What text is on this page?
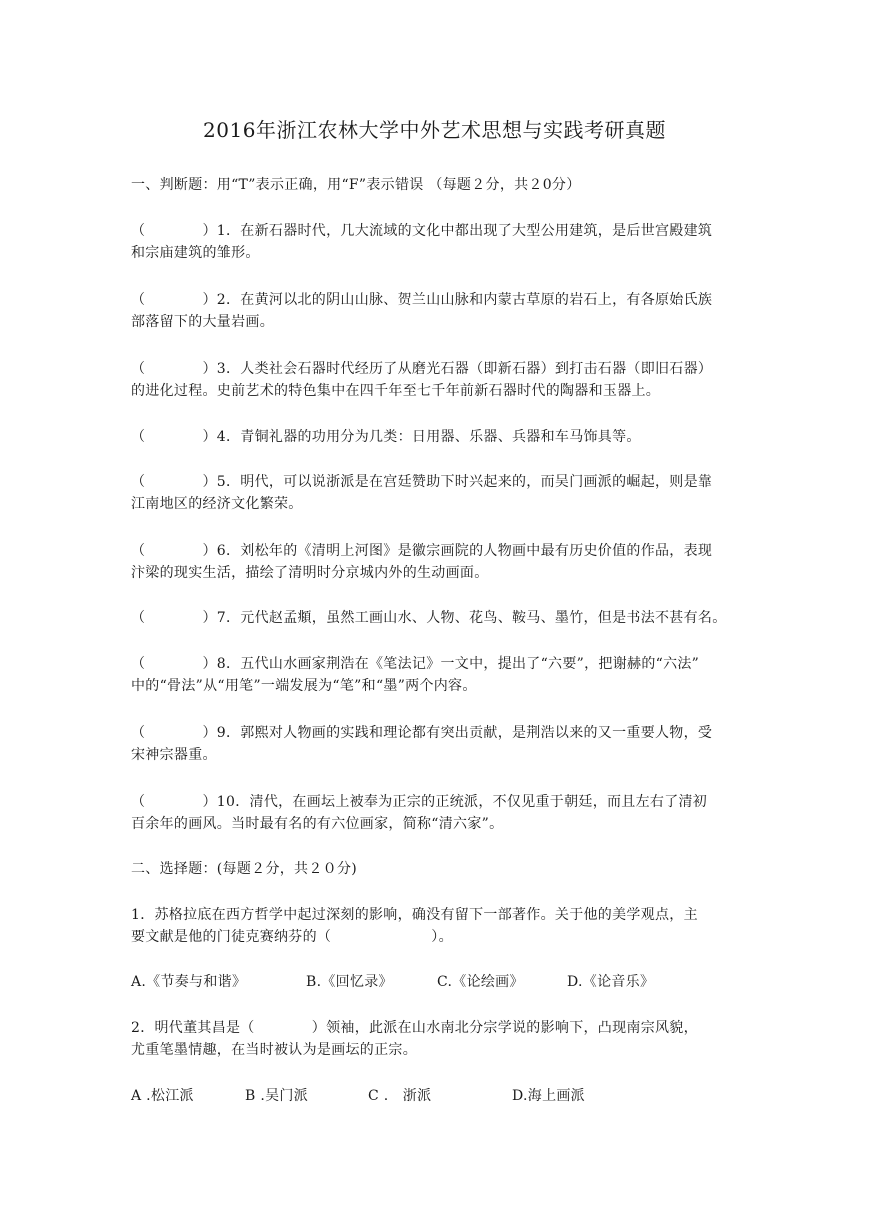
2016年浙江农林大学中外艺术思想与实践考研真题
一、判断题：用“T”表示正确，用“F”表示错误 （每题２分，共２0分）
（　　　　）1．在新石器时代，几大流域的文化中都出现了大型公用建筑，是后世宫殿建筑
和宗庙建筑的雏形。
（　　　　）2．在黄河以北的阴山山脉、贺兰山山脉和内蒙古草原的岩石上，有各原始氏族
部落留下的大量岩画。
（　　　　）3．人类社会石器时代经历了从磨光石器（即新石器）到打击石器（即旧石器）
的进化过程。史前艺术的特色集中在四千年至七千年前新石器时代的陶器和玉器上。
（　　　　）4．青铜礼器的功用分为几类：日用器、乐器、兵器和车马饰具等。
（　　　　）5．明代，可以说浙派是在宫廷赞助下时兴起来的，而吴门画派的崛起，则是靠
江南地区的经济文化繁荣。
（　　　　）6．刘松年的《清明上河图》是徽宗画院的人物画中最有历史价值的作品，表现
汴梁的现实生活，描绘了清明时分京城内外的生动画面。
（　　　　）7．元代赵孟頫，虽然工画山水、人物、花鸟、鞍马、墨竹，但是书法不甚有名。
（　　　　）8．五代山水画家荆浩在《笔法记》一文中，提出了“六要”，把谢赫的“六法”
中的“骨法”从“用笔”一端发展为“笔”和“墨”两个内容。
（　　　　）9．郭熙对人物画的实践和理论都有突出贡献，是荆浩以来的又一重要人物，受
宋神宗器重。
（　　　　）10．清代，在画坛上被奉为正宗的正统派，不仅见重于朝廷，而且左右了清初
百余年的画风。当时最有名的有六位画家，简称“清六家”。
二、选择题：(每题２分，共２０分)
1．苏格拉底在西方哲学中起过深刻的影响，确没有留下一部著作。关于他的美学观点，主
要文献是他的门徒克赛纳芬的（　　　　　　　）。
A.《节奏与和谐》	B.《回忆录》	C.《论绘画》	D.《论音乐》
2．明代董其昌是（　　　　）领袖，此派在山水南北分宗学说的影响下，凸现南宗风貌，
尤重笔墨情趣，在当时被认为是画坛的正宗。
A .松江派	B .吴门派	C .　浙派	D.海上画派
